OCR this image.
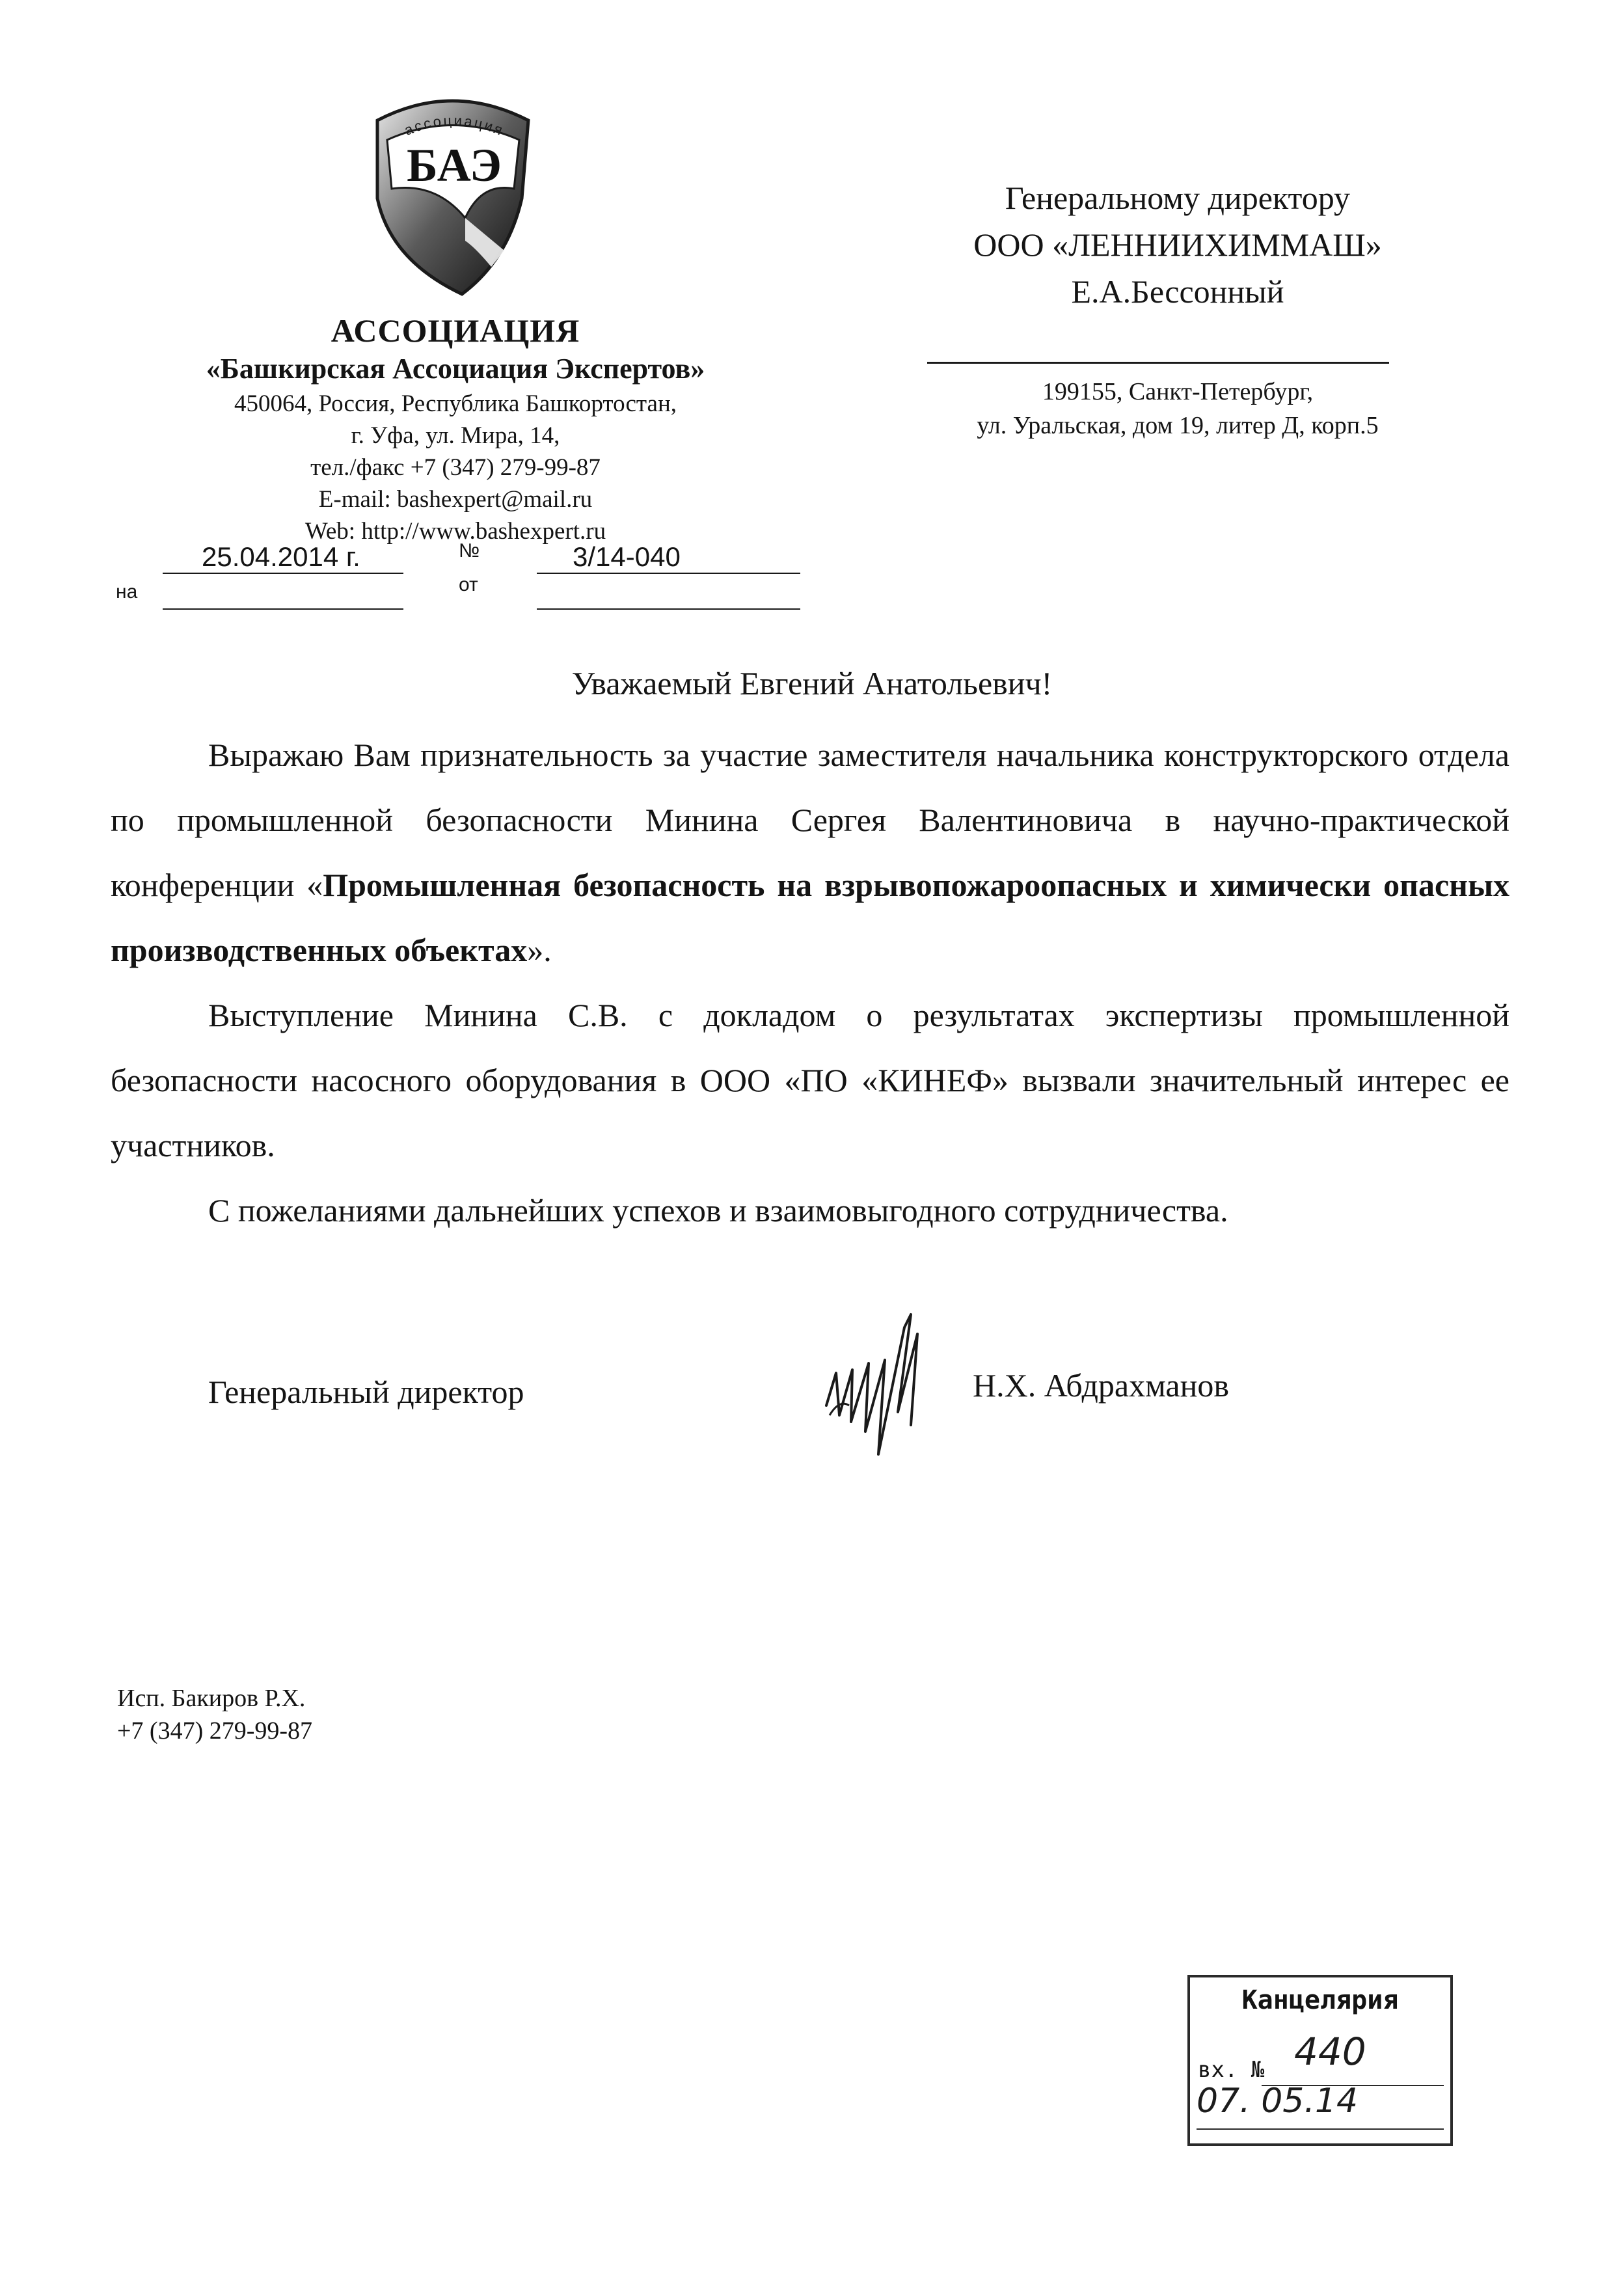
ассоциация
БАЭ
АССОЦИАЦИЯ
«Башкирская Ассоциация Экспертов»
450064, Россия, Республика Башкортостан,
г. Уфа, ул. Мира, 14,
тел./факс +7 (347) 279-99-87
E-mail: bashexpert@mail.ru
Web: http://www.bashexpert.ru
Генеральному директору
ООО «ЛЕННИИХИММАШ»
Е.А.Бессонный
199155, Санкт-Петербург,
ул. Уральская, дом 19, литер Д, корп.5
25.04.2014 г.	№	3/14-040
на	от
Уважаемый Евгений Анатольевич!
Выражаю Вам признательность за участие заместителя начальника конструкторского отдела по промышленной безопасности Минина Сергея Валентиновича в научно-практической конференции «Промышленная безопасность на взрывопожароопасных и химически опасных производственных объектах».
Выступление Минина С.В. с докладом о результатах экспертизы промышленной безопасности насосного оборудования в ООО «ПО «КИНЕФ» вызвали значительный интерес ее участников.
С пожеланиями дальнейших успехов и взаимовыгодного сотрудничества.
Генеральный директор	Н.Х. Абдрахманов
Исп. Бакиров Р.Х.
+7 (347) 279-99-87
Канцелярия
вх. № 440
07. 05.14
